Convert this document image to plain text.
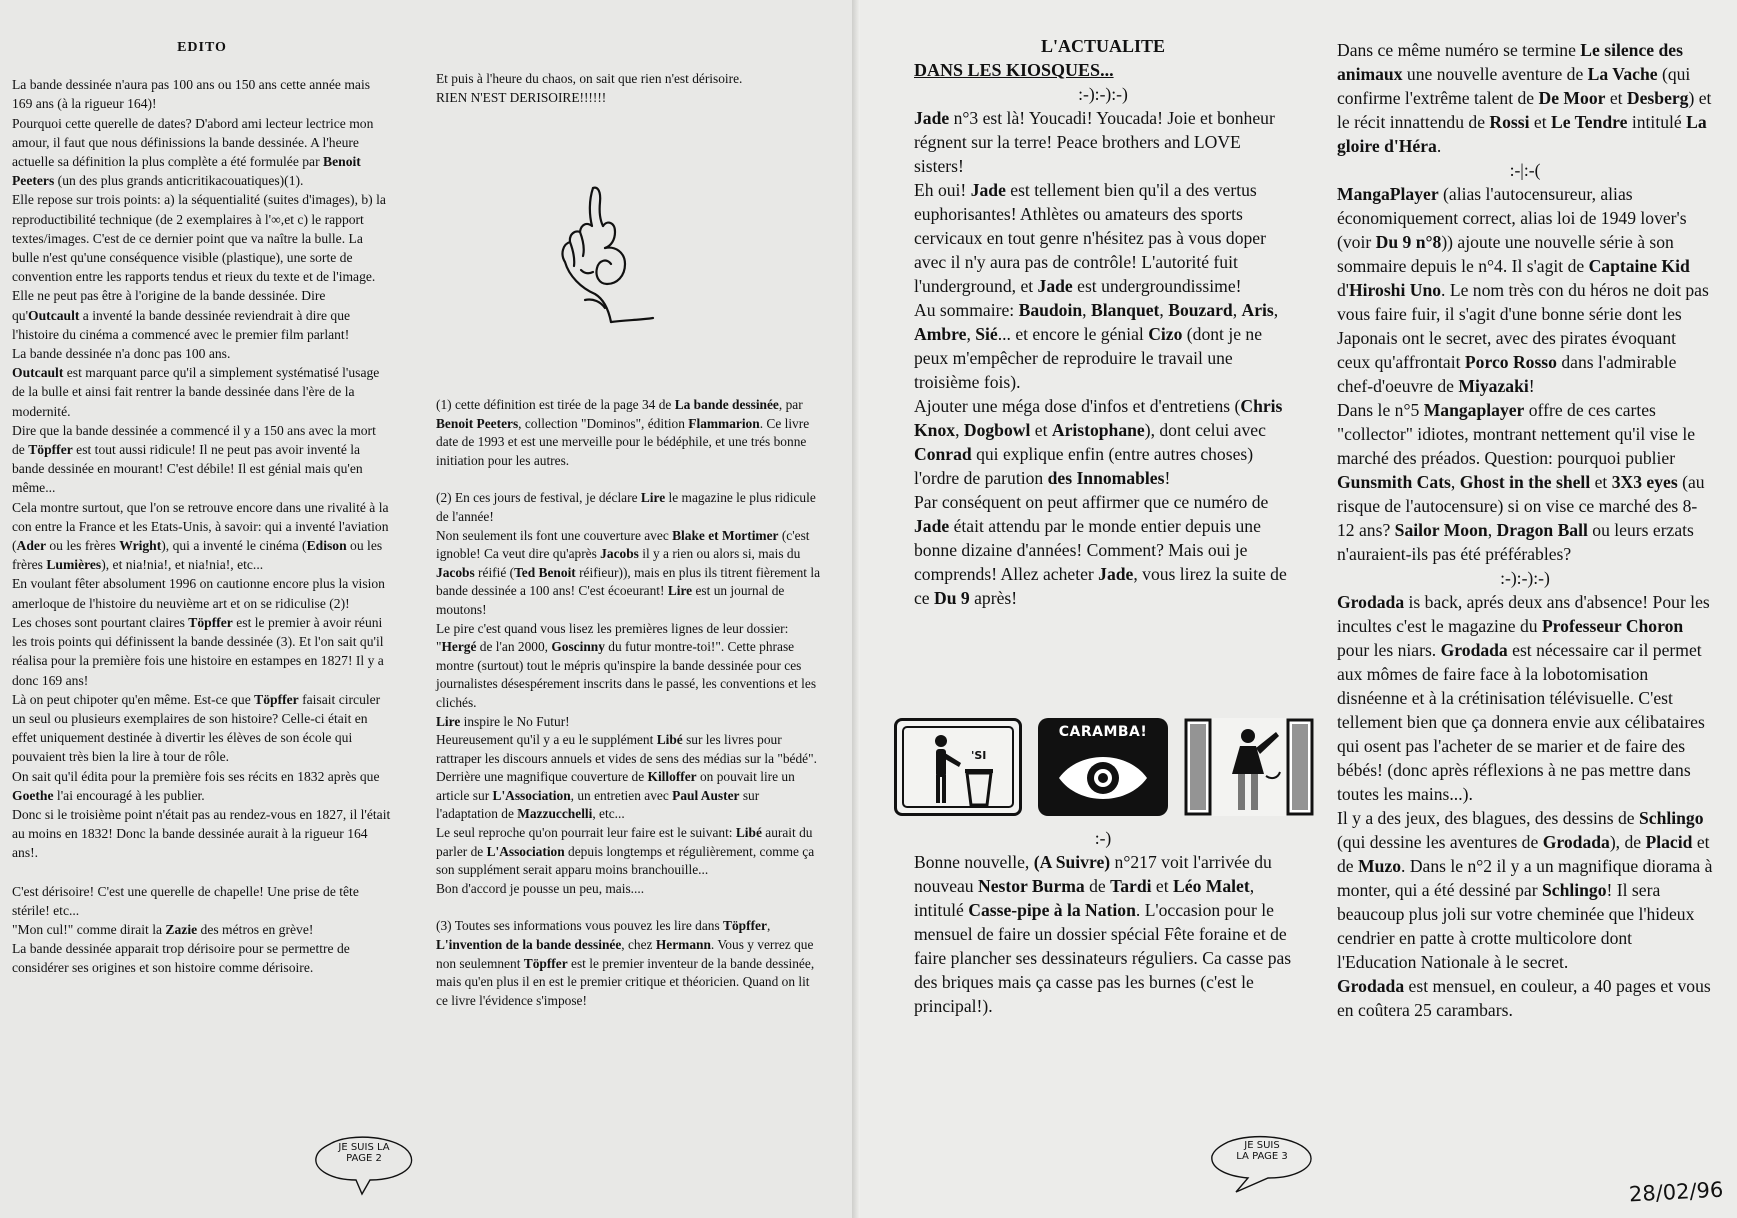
EDITO

La bande dessinée n'aura pas 100 ans ou 150 ans cette année mais 169 ans (à la rigueur 164)!

Pourquoi cette querelle de dates? D'abord ami lecteur lectrice mon amour, il faut que nous définissions la bande dessinée. A l'heure actuelle sa définition la plus complète a été formulée par Benoit Peeters (un des plus grands anticritikacouatiques)(1).

Elle repose sur trois points: a) la séquentialité (suites d'images), b) la reproductibilité technique (de 2 exemplaires à l'∞,et c) le rapport textes/images. C'est de ce dernier point que va naître la bulle. La bulle n'est qu'une conséquence visible (plastique), une sorte de convention entre les rapports tendus et rieux du texte et de l'image.

Elle ne peut pas être à l'origine de la bande dessinée. Dire qu'Outcault a inventé la bande dessinée reviendrait à dire que l'histoire du cinéma a commencé avec le premier film parlant!

La bande dessinée n'a donc pas 100 ans.

Outcault est marquant parce qu'il a simplement systématisé l'usage de la bulle et ainsi fait rentrer la bande dessinée dans l'ère de la modernité.

Dire que la bande dessinée a commencé il y a 150 ans avec la mort de Töpffer est tout aussi ridicule! Il ne peut pas avoir inventé la bande dessinée en mourant! C'est débile! Il est génial mais qu'en même...

Cela montre surtout, que l'on se retrouve encore dans une rivalité à la con entre la France et les Etats-Unis, à savoir: qui a inventé l'aviation (Ader ou les frères Wright), qui a inventé le cinéma (Edison ou les frères Lumières), et nia!nia!, et nia!nia!, etc...

En voulant fêter absolument 1996 on cautionne encore plus la vision amerloque de l'histoire du neuvième art et on se ridiculise (2)!

Les choses sont pourtant claires Töpffer est le premier à avoir réuni les trois points qui définissent la bande dessinée (3). Et l'on sait qu'il réalisa pour la première fois une histoire en estampes en 1827! Il y a donc 169 ans!

Là on peut chipoter qu'en même. Est-ce que Töpffer faisait circuler un seul ou plusieurs exemplaires de son histoire? Celle-ci était en effet uniquement destinée à divertir les élèves de son école qui pouvaient très bien la lire à tour de rôle.

On sait qu'il édita pour la première fois ses récits en 1832 après que Goethe l'ai encouragé à les publier.

Donc si le troisième point n'était pas au rendez-vous en 1827, il l'était au moins en 1832! Donc la bande dessinée aurait à la rigueur 164 ans!.

C'est dérisoire! C'est une querelle de chapelle! Une prise de tête stérile! etc...

"Mon cul!" comme dirait la Zazie des métros en grève!

La bande dessinée apparait trop dérisoire pour se permettre de considérer ses origines et son histoire comme dérisoire.

Et puis à l'heure du chaos, on sait que rien n'est dérisoire.

RIEN N'EST DERISOIRE!!!!!!

(1) cette définition est tirée de la page 34 de La bande dessinée, par Benoit Peeters, collection "Dominos", édition Flammarion. Ce livre date de 1993 et est une merveille pour le bédéphile, et une trés bonne initiation pour les autres.

(2) En ces jours de festival, je déclare Lire le magazine le plus ridicule de l'année!

Non seulement ils font une couverture avec Blake et Mortimer (c'est ignoble! Ca veut dire qu'après Jacobs il y a rien ou alors si, mais du Jacobs réifié (Ted Benoit réifieur)), mais en plus ils titrent fièrement la bande dessinée a 100 ans! C'est écoeurant! Lire est un journal de moutons!

Le pire c'est quand vous lisez les premières lignes de leur dossier: "Hergé de l'an 2000, Goscinny du futur montre-toi!". Cette phrase montre (surtout) tout le mépris qu'inspire la bande dessinée pour ces journalistes désespérement inscrits dans le passé, les conventions et les clichés.

Lire inspire le No Futur!

Heureusement qu'il y a eu le supplément Libé sur les livres pour rattraper les discours annuels et vides de sens des médias sur la "bédé".

Derrière une magnifique couverture de Killoffer on pouvait lire un article sur L'Association, un entretien avec Paul Auster sur l'adaptation de Mazzucchelli, etc...

Le seul reproche qu'on pourrait leur faire est le suivant: Libé aurait du parler de L'Association depuis longtemps et régulièrement, comme ça son supplément serait apparu moins branchouille...

Bon d'accord je pousse un peu, mais....

(3) Toutes ses informations vous pouvez les lire dans Töpffer, L'invention de la bande dessinée, chez Hermann. Vous y verrez que non seulemnent Töpffer est le premier inventeur de la bande dessinée, mais qu'en plus il en est le premier critique et théoricien. Quand on lit ce livre l'évidence s'impose!

JE SUIS LA
PAGE 2

L'ACTUALITE

DANS LES KIOSQUES...

:-):-):-)

Jade n°3 est là! Youcadi! Youcada! Joie et bonheur régnent sur la terre! Peace brothers and LOVE sisters!

Eh oui! Jade est tellement bien qu'il a des vertus euphorisantes! Athlètes ou amateurs des sports cervicaux en tout genre n'hésitez pas à vous doper avec il n'y aura pas de contrôle! L'autorité fuit l'underground, et Jade est undergroundissime!

Au sommaire: Baudoin, Blanquet, Bouzard, Aris, Ambre, Sié... et encore le génial Cizo (dont je ne peux m'empêcher de reproduire le travail une troisième fois).

Ajouter une méga dose d'infos et d'entretiens (Chris Knox, Dogbowl et Aristophane), dont celui avec Conrad qui explique enfin (entre autres choses) l'ordre de parution des Innomables!

Par conséquent on peut affirmer que ce numéro de Jade était attendu par le monde entier depuis une bonne dizaine d'années! Comment? Mais oui je comprends! Allez acheter Jade, vous lirez la suite de ce Du 9 après!

'SI
CARAMBA!

:-)

Bonne nouvelle, (A Suivre) n°217 voit l'arrivée du nouveau Nestor Burma de Tardi et Léo Malet, intitulé Casse-pipe à la Nation. L'occasion pour le mensuel de faire un dossier spécial Fête foraine et de faire plancher ses dessinateurs réguliers. Ca casse pas des briques mais ça casse pas les burnes (c'est le principal!).

Dans ce même numéro se termine Le silence des animaux une nouvelle aventure de La Vache (qui confirme l'extrême talent de De Moor et Desberg) et le récit innattendu de Rossi et Le Tendre intitulé La gloire d'Héra.

:-|:-(

MangaPlayer (alias l'autocensureur, alias économiquement correct, alias loi de 1949 lover's (voir Du 9 n°8)) ajoute une nouvelle série à son sommaire depuis le n°4. Il s'agit de Captaine Kid d'Hiroshi Uno. Le nom très con du héros ne doit pas vous faire fuir, il s'agit d'une bonne série dont les Japonais ont le secret, avec des pirates évoquant ceux qu'affrontait Porco Rosso dans l'admirable chef-d'oeuvre de Miyazaki!

Dans le n°5 Mangaplayer offre de ces cartes "collector" idiotes, montrant nettement qu'il vise le marché des préados. Question: pourquoi publier Gunsmith Cats, Ghost in the shell et 3X3 eyes (au risque de l'autocensure) si on vise ce marché des 8-12 ans? Sailor Moon, Dragon Ball ou leurs erzats n'auraient-ils pas été préférables?

:-):-):-)

Grodada is back, aprés deux ans d'absence! Pour les incultes c'est le magazine du Professeur Choron pour les niars. Grodada est nécessaire car il permet aux mômes de faire face à la lobotomisation disnéenne et à la crétinisation télévisuelle. C'est tellement bien que ça donnera envie aux célibataires qui osent pas l'acheter de se marier et de faire des bébés! (donc après réflexions à ne pas mettre dans toutes les mains...).

Il y a des jeux, des blagues, des dessins de Schlingo (qui dessine les aventures de Grodada), de Placid et de Muzo. Dans le n°2 il y a un magnifique diorama à monter, qui a été dessiné par Schlingo! Il sera beaucoup plus joli sur votre cheminée que l'hideux cendrier en patte à crotte multicolore dont l'Education Nationale à le secret.

Grodada est mensuel, en couleur, a 40 pages et vous en coûtera 25 carambars.

JE SUIS
LA PAGE 3
28/02/96
